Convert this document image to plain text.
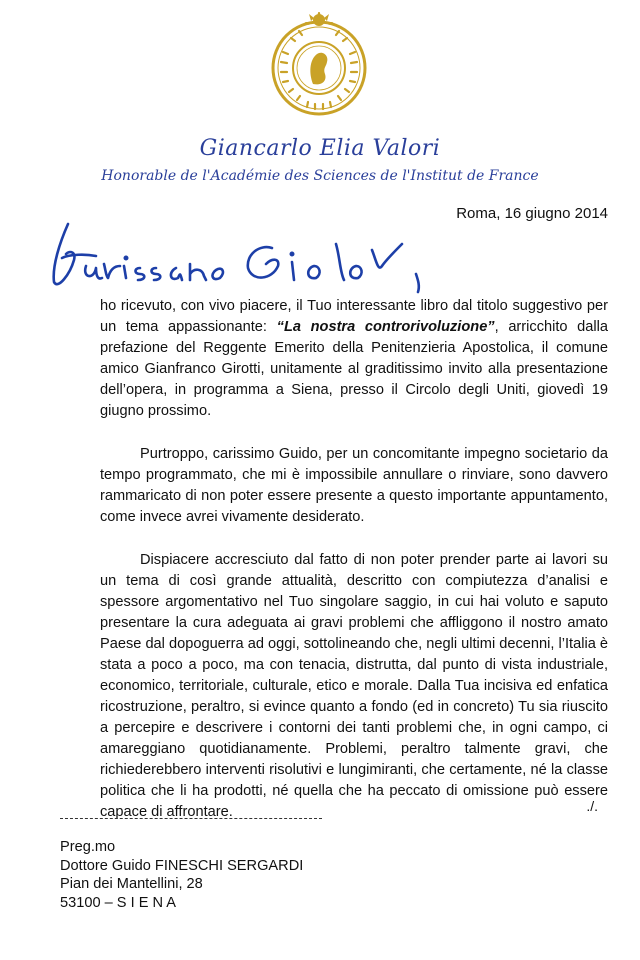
Giancarlo Elia Valori
Honorable de l'Académie des Sciences de l'Institut de France
Roma, 16 giugno 2014

ho ricevuto, con vivo piacere, il Tuo interessante libro dal titolo suggestivo per un tema appassionante: “La nostra controrivoluzione”, arricchito dalla prefazione del Reggente Emerito della Penitenzieria Apostolica, il comune amico Gianfranco Girotti, unitamente al graditissimo invito alla presentazione dell’opera, in programma a Siena, presso il Circolo degli Uniti, giovedì 19 giugno prossimo.

Purtroppo, carissimo Guido, per un concomitante impegno societario da tempo programmato, che mi è impossibile annullare o rinviare, sono davvero rammaricato di non poter essere presente a questo importante appuntamento, come invece avrei vivamente desiderato.

Dispiacere accresciuto dal fatto di non poter prender parte ai lavori su un tema di così grande attualità, descritto con compiutezza d’analisi e spessore argomentativo nel Tuo singolare saggio, in cui hai voluto e saputo presentare la cura adeguata ai gravi problemi che affliggono il nostro amato Paese dal dopoguerra ad oggi, sottolineando che, negli ultimi decenni, l’Italia è stata a poco a poco, ma con tenacia, distrutta, dal punto di vista industriale, economico, territoriale, culturale, etico e morale. Dalla Tua incisiva ed enfatica ricostruzione, peraltro, si evince quanto a fondo (ed in concreto) Tu sia riuscito a percepire e descrivere i contorni dei tanti problemi che, in ogni campo, ci amareggiano quotidianamente. Problemi, peraltro talmente gravi, che richiederebbero interventi risolutivi e lungimiranti, che certamente, né la classe politica che li ha prodotti, né quella che ha peccato di omissione può essere capace di affrontare.	./.
Preg.mo
Dottore Guido FINESCHI SERGARDI
Pian dei Mantellini, 28
53100 – S I E N A
